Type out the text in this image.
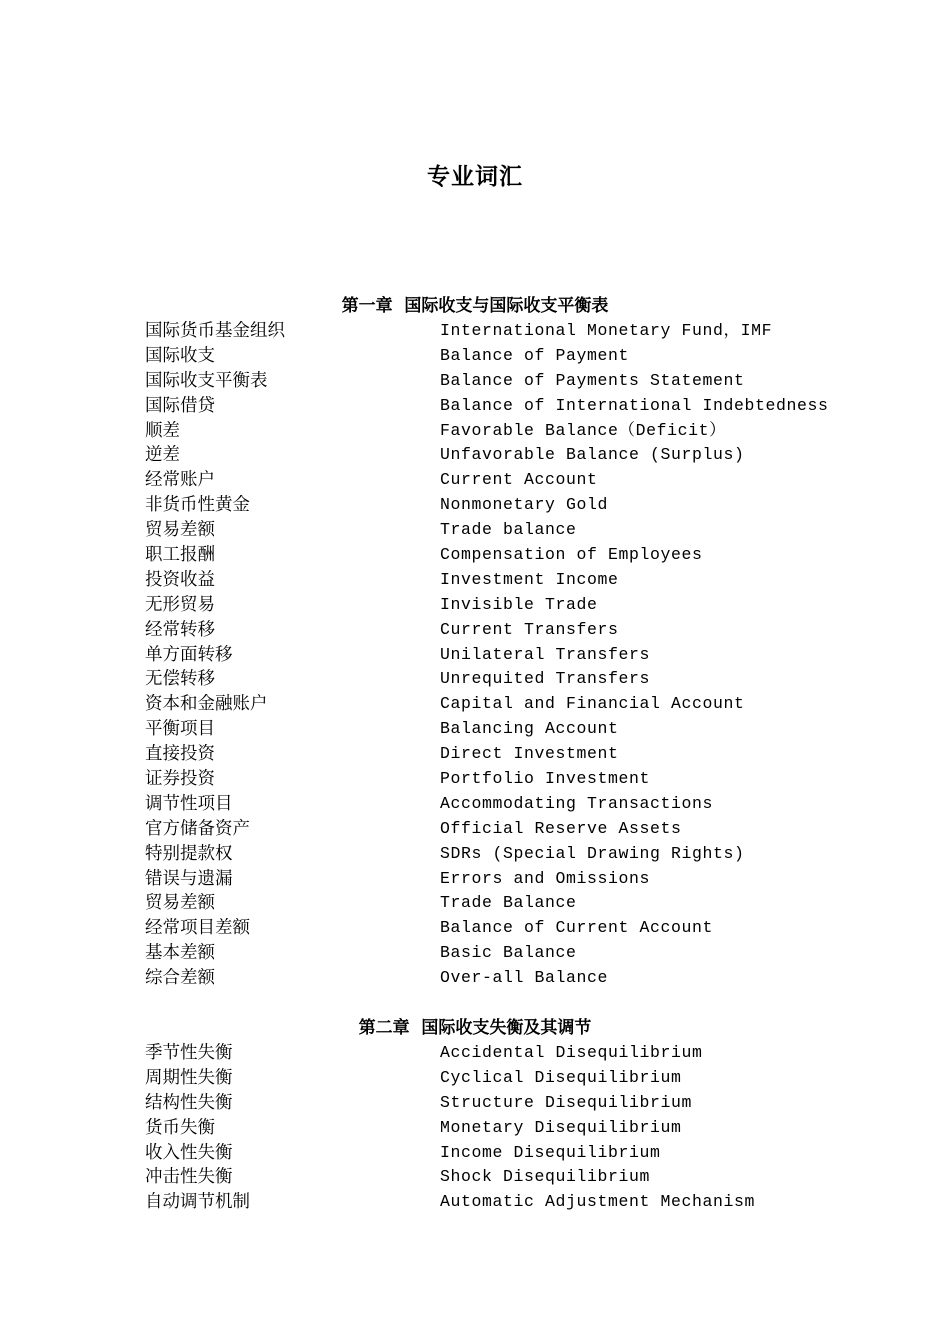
专业词汇
第一章  国际收支与国际收支平衡表
国际货币基金组织	International Monetary Fund，IMF
国际收支	Balance of Payment
国际收支平衡表	Balance of Payments Statement
国际借贷	Balance of International Indebtedness
顺差	Favorable Balance（Deficit）
逆差	Unfavorable Balance (Surplus)
经常账户	Current Account
非货币性黄金	Nonmonetary Gold
贸易差额	Trade balance
职工报酬	Compensation of Employees
投资收益	Investment Income
无形贸易	Invisible Trade
经常转移	Current Transfers
单方面转移	Unilateral Transfers
无偿转移	Unrequited Transfers
资本和金融账户	Capital and Financial Account
平衡项目	Balancing Account
直接投资	Direct Investment
证券投资	Portfolio Investment
调节性项目	Accommodating Transactions
官方储备资产	Official Reserve Assets
特别提款权	SDRs (Special Drawing Rights)
错误与遗漏	Errors and Omissions
贸易差额	Trade Balance
经常项目差额	Balance of Current Account
基本差额	Basic Balance
综合差额	Over-all Balance
第二章  国际收支失衡及其调节
季节性失衡	Accidental Disequilibrium
周期性失衡	Cyclical Disequilibrium
结构性失衡	Structure Disequilibrium
货币失衡	Monetary Disequilibrium
收入性失衡	Income Disequilibrium
冲击性失衡	Shock Disequilibrium
自动调节机制	Automatic Adjustment Mechanism
